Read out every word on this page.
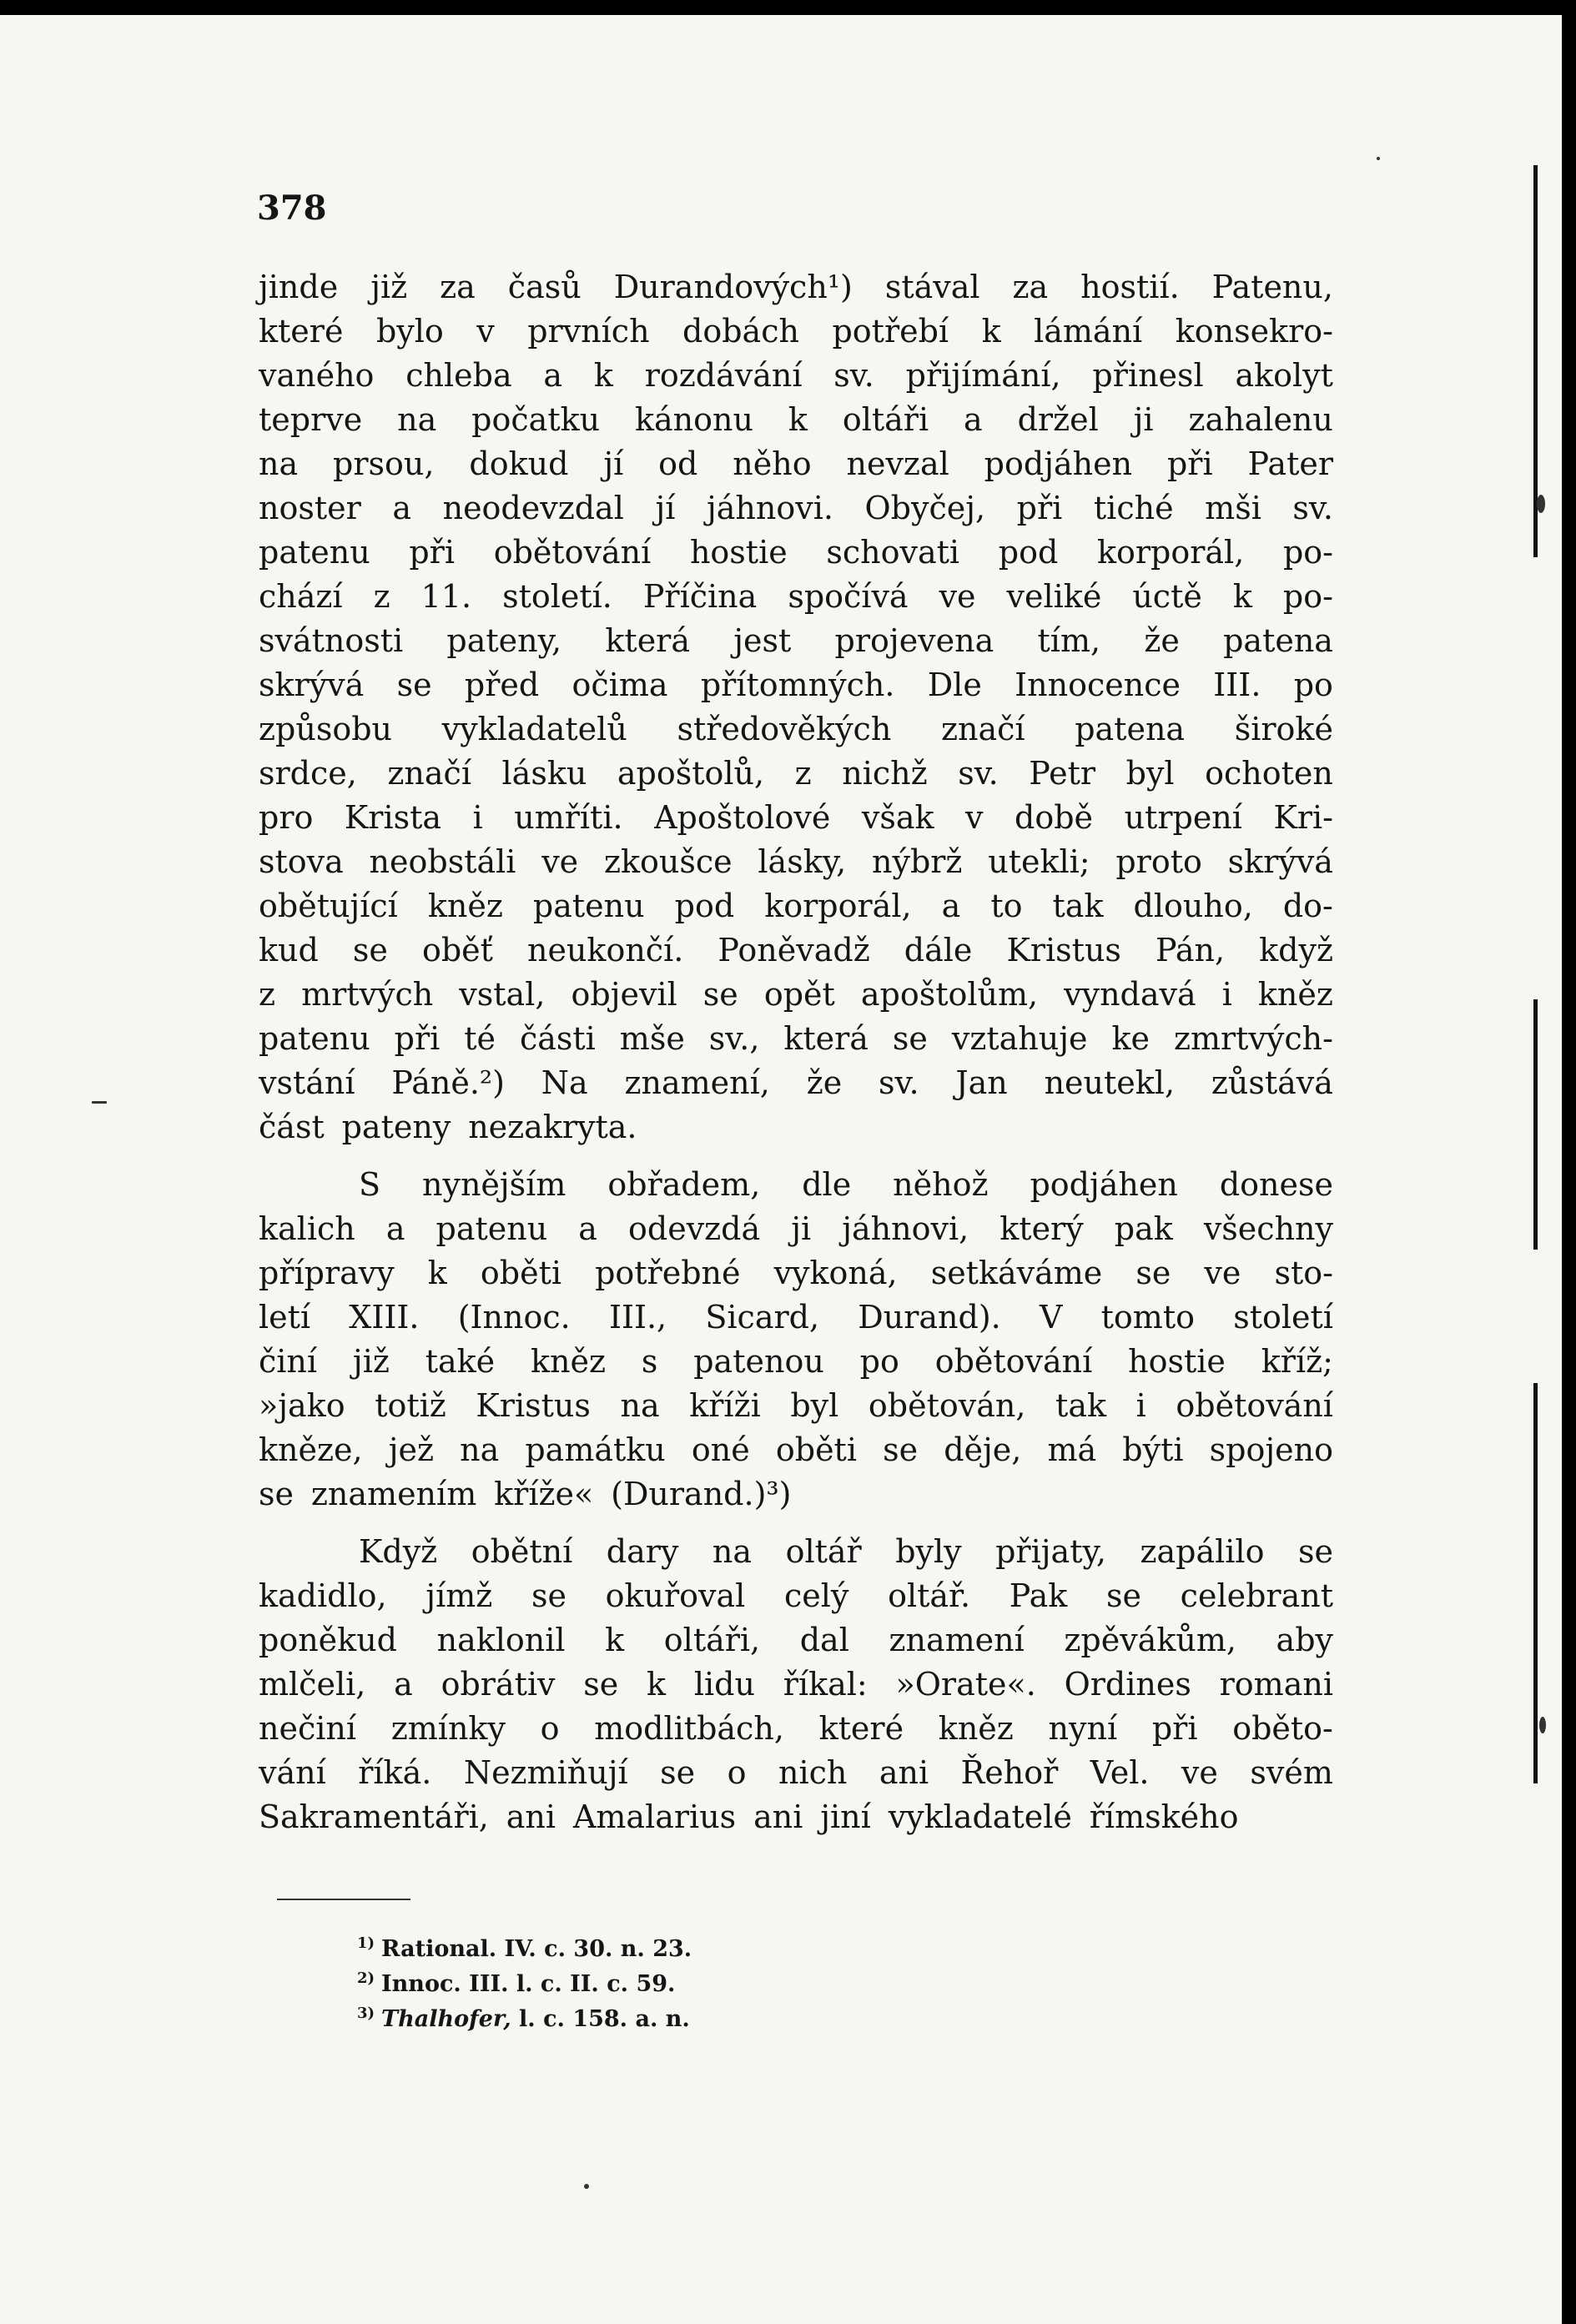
378
jinde již za časů Durandových¹) stával za hostií. Patenu,
které bylo v prvních dobách potřebí k lámání konsekro-
vaného chleba a k rozdávání sv. přijímání, přinesl akolyt
teprve na počatku kánonu k oltáři a držel ji zahalenu
na prsou, dokud jí od něho nevzal podjáhen při Pater
noster a neodevzdal jí jáhnovi. Obyčej, při tiché mši sv.
patenu při obětování hostie schovati pod korporál, po-
chází z 11. století. Příčina spočívá ve veliké úctě k po-
svátnosti pateny, která jest projevena tím, že patena
skrývá se před očima přítomných. Dle Innocence III. po
způsobu vykladatelů středověkých značí patena široké
srdce, značí lásku apoštolů, z nichž sv. Petr byl ochoten
pro Krista i umříti. Apoštolové však v době utrpení Kri-
stova neobstáli ve zkoušce lásky, nýbrž utekli; proto skrývá
obětující kněz patenu pod korporál, a to tak dlouho, do-
kud se oběť neukončí. Poněvadž dále Kristus Pán, když
z mrtvých vstal, objevil se opět apoštolům, vyndavá i kněz
patenu při té části mše sv., která se vztahuje ke zmrtvých-
vstání Páně.²) Na znamení, že sv. Jan neutekl, zůstává
část pateny nezakryta.
S nynějším obřadem, dle něhož podjáhen donese
kalich a patenu a odevzdá ji jáhnovi, který pak všechny
přípravy k oběti potřebné vykoná, setkáváme se ve sto-
letí XIII. (Innoc. III., Sicard, Durand). V tomto století
činí již také kněz s patenou po obětování hostie kříž;
»jako totiž Kristus na kříži byl obětován, tak i obětování
kněze, jež na památku oné oběti se děje, má býti spojeno
se znamením kříže« (Durand.)³)
Když obětní dary na oltář byly přijaty, zapálilo se
kadidlo, jímž se okuřoval celý oltář. Pak se celebrant
poněkud naklonil k oltáři, dal znamení zpěvákům, aby
mlčeli, a obrátiv se k lidu říkal: »Orate«. Ordines romani
nečiní zmínky o modlitbách, které kněz nyní při oběto-
vání říká. Nezmiňují se o nich ani Řehoř Vel. ve svém
Sakramentáři, ani Amalarius ani jiní vykladatelé římského
$^{1)}$ Rational. IV. c. 30. n. 23.
$^{2)}$ Innoc. III. l. c. II. c. 59.
$^{3)}$ Thalhofer, l. c. 158. a. n.
